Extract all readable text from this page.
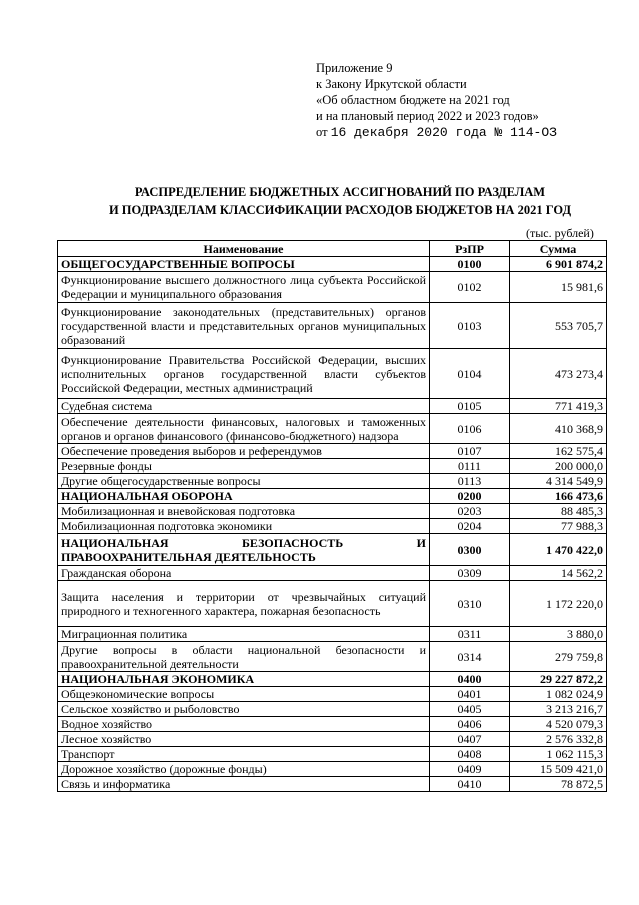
Приложение 9
к Закону Иркутской области
«Об областном бюджете на 2021 год
и на плановый период 2022 и 2023 годов»
от 16 декабря 2020 года № 114-ОЗ
РАСПРЕДЕЛЕНИЕ БЮДЖЕТНЫХ АССИГНОВАНИЙ ПО РАЗДЕЛАМ
И ПОДРАЗДЕЛАМ КЛАССИФИКАЦИИ РАСХОДОВ БЮДЖЕТОВ НА 2021 ГОД
(тыс. рублей)
Наименование	РзПР	Сумма
ОБЩЕГОСУДАРСТВЕННЫЕ ВОПРОСЫ	0100	6 901 874,2
Функционирование высшего должностного лица субъекта Российской Федерации и муниципального образования	0102	15 981,6
Функционирование законодательных (представительных) органов государственной власти и представительных органов муниципальных образований	0103	553 705,7
Функционирование Правительства Российской Федерации, высших исполнительных органов государственной власти субъектов Российской Федерации, местных администраций	0104	473 273,4
Судебная система	0105	771 419,3
Обеспечение деятельности финансовых, налоговых и таможенных органов и органов финансового (финансово-бюджетного) надзора	0106	410 368,9
Обеспечение проведения выборов и референдумов	0107	162 575,4
Резервные фонды	0111	200 000,0
Другие общегосударственные вопросы	0113	4 314 549,9
НАЦИОНАЛЬНАЯ ОБОРОНА	0200	166 473,6
Мобилизационная и вневойсковая подготовка	0203	88 485,3
Мобилизационная подготовка экономики	0204	77 988,3
НАЦИОНАЛЬНАЯ БЕЗОПАСНОСТЬ И ПРАВООХРАНИТЕЛЬНАЯ ДЕЯТЕЛЬНОСТЬ	0300	1 470 422,0
Гражданская оборона	0309	14 562,2
Защита населения и территории от чрезвычайных ситуаций природного и техногенного характера, пожарная безопасность	0310	1 172 220,0
Миграционная политика	0311	3 880,0
Другие вопросы в области национальной безопасности и правоохранительной деятельности	0314	279 759,8
НАЦИОНАЛЬНАЯ ЭКОНОМИКА	0400	29 227 872,2
Общеэкономические вопросы	0401	1 082 024,9
Сельское хозяйство и рыболовство	0405	3 213 216,7
Водное хозяйство	0406	4 520 079,3
Лесное хозяйство	0407	2 576 332,8
Транспорт	0408	1 062 115,3
Дорожное хозяйство (дорожные фонды)	0409	15 509 421,0
Связь и информатика	0410	78 872,5
